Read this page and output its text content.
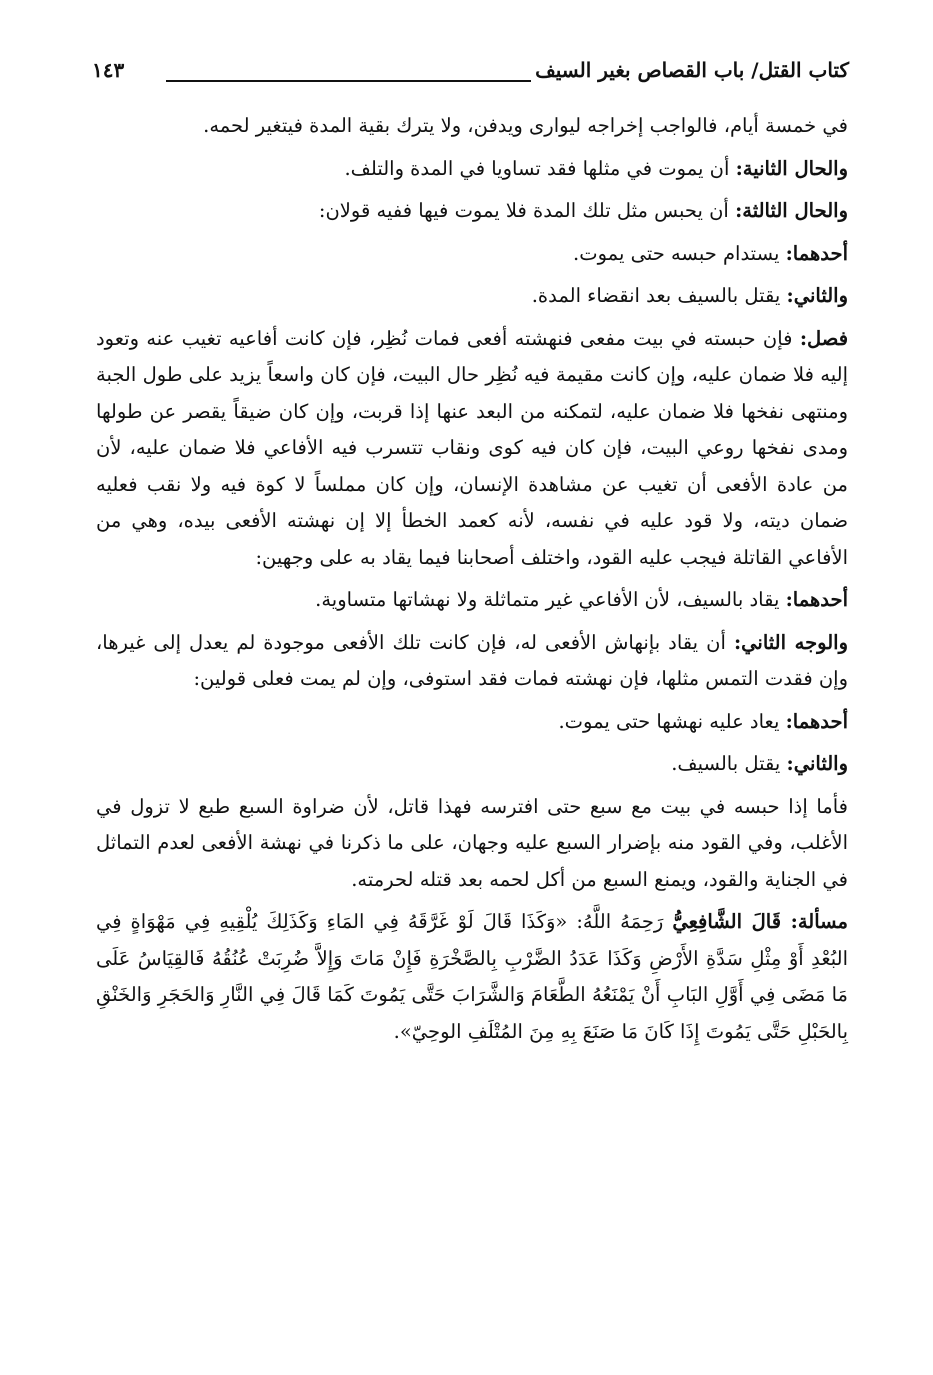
كتاب القتل/ باب القصاص بغير السيف
١٤٣

في خمسة أيام، فالواجب إخراجه ليوارى ويدفن، ولا يترك بقية المدة فيتغير لحمه.

والحال الثانية: أن يموت في مثلها فقد تساويا في المدة والتلف.

والحال الثالثة: أن يحبس مثل تلك المدة فلا يموت فيها ففيه قولان:

أحدهما: يستدام حبسه حتى يموت.

والثاني: يقتل بالسيف بعد انقضاء المدة.

فصل: فإن حبسته في بيت مفعى فنهشته أفعى فمات نُظِر، فإن كانت أفاعيه تغيب عنه وتعود إليه فلا ضمان عليه، وإن كانت مقيمة فيه نُظِر حال البيت، فإن كان واسعاً يزيد على طول الجبة ومنتهى نفخها فلا ضمان عليه، لتمكنه من البعد عنها إذا قربت، وإن كان ضيقاً يقصر عن طولها ومدى نفخها روعي البيت، فإن كان فيه كوى ونقاب تتسرب فيه الأفاعي فلا ضمان عليه، لأن من عادة الأفعى أن تغيب عن مشاهدة الإنسان، وإن كان مملساً لا كوة فيه ولا نقب فعليه ضمان ديته، ولا قود عليه في نفسه، لأنه كعمد الخطأ إلا إن نهشته الأفعى بيده، وهي من الأفاعي القاتلة فيجب عليه القود، واختلف أصحابنا فيما يقاد به على وجهين:

أحدهما: يقاد بالسيف، لأن الأفاعي غير متماثلة ولا نهشاتها متساوية.

والوجه الثاني: أن يقاد بإنهاش الأفعى له، فإن كانت تلك الأفعى موجودة لم يعدل إلى غيرها، وإن فقدت التمس مثلها، فإن نهشته فمات فقد استوفى، وإن لم يمت فعلى قولين:

أحدهما: يعاد عليه نهشها حتى يموت.

والثاني: يقتل بالسيف.

فأما إذا حبسه في بيت مع سبع حتى افترسه فهذا قاتل، لأن ضراوة السبع طبع لا تزول في الأغلب، وفي القود منه بإضرار السبع عليه وجهان، على ما ذكرنا في نهشة الأفعى لعدم التماثل في الجناية والقود، ويمنع السبع من أكل لحمه بعد قتله لحرمته.

مسألة: قَالَ الشَّافِعِيُّ رَحِمَهُ اللَّهُ: «وَكَذَا قَالَ لَوْ غَرَّقَهُ فِي المَاءِ وَكَذَلِكَ يُلْقِيهِ فِي مَهْوَاةٍ فِي البُعْدِ أَوْ مِثْلِ سَدَّةِ الأَرْضِ وَكَذَا عَدَدُ الضَّرْبِ بِالصَّخْرَةِ فَإِنْ مَاتَ وَإِلاَّ ضُرِبَتْ عُنُقُهُ فَالقِيَاسُ عَلَى مَا مَضَى فِي أَوَّلِ البَابِ أَنْ يَمْنَعُهُ الطَّعَامَ وَالشَّرَابَ حَتَّى يَمُوتَ كَمَا قَالَ فِي النَّارِ وَالحَجَرِ وَالخَنْقِ بِالحَبْلِ حَتَّى يَمُوتَ إِذَا كَانَ مَا صَنَعَ بِهِ مِنَ المُتْلَفِ الوحِيّ».
